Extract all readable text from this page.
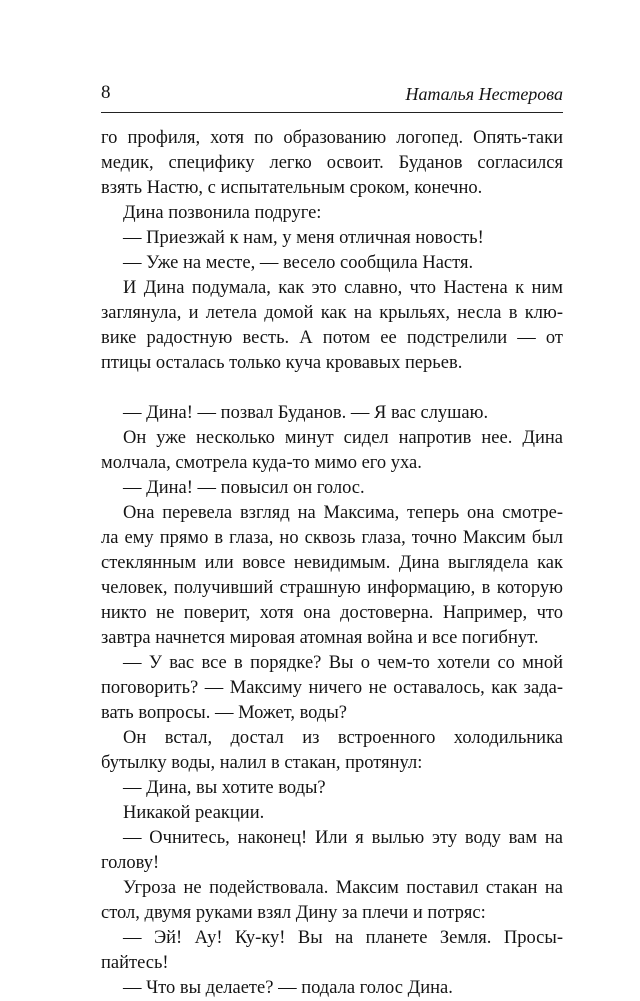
8	Наталья Нестерова
го профиля, хотя по образованию логопед. Опять-таки
медик, специфику легко освоит. Буданов согласился
взять Настю, с испытательным сроком, конечно.
Дина позвонила подруге:
— Приезжай к нам, у меня отличная новость!
— Уже на месте, — весело сообщила Настя.
И Дина подумала, как это славно, что Настена к ним
заглянула, и летела домой как на крыльях, несла в клю-
вике радостную весть. А потом ее подстрелили — от
птицы осталась только куча кровавых перьев.
— Дина! — позвал Буданов. — Я вас слушаю.
Он уже несколько минут сидел напротив нее. Дина
молчала, смотрела куда-то мимо его уха.
— Дина! — повысил он голос.
Она перевела взгляд на Максима, теперь она смотре-
ла ему прямо в глаза, но сквозь глаза, точно Максим был
стеклянным или вовсе невидимым. Дина выглядела как
человек, получивший страшную информацию, в которую
никто не поверит, хотя она достоверна. Например, что
завтра начнется мировая атомная война и все погибнут.
— У вас все в порядке? Вы о чем-то хотели со мной
поговорить? — Максиму ничего не оставалось, как зада-
вать вопросы. — Может, воды?
Он встал, достал из встроенного холодильника
бутылку воды, налил в стакан, протянул:
— Дина, вы хотите воды?
Никакой реакции.
— Очнитесь, наконец! Или я вылью эту воду вам на
голову!
Угроза не подействовала. Максим поставил стакан на
стол, двумя руками взял Дину за плечи и потряс:
— Эй! Ау! Ку-ку! Вы на планете Земля. Просы-
пайтесь!
— Что вы делаете? — подала голос Дина.
